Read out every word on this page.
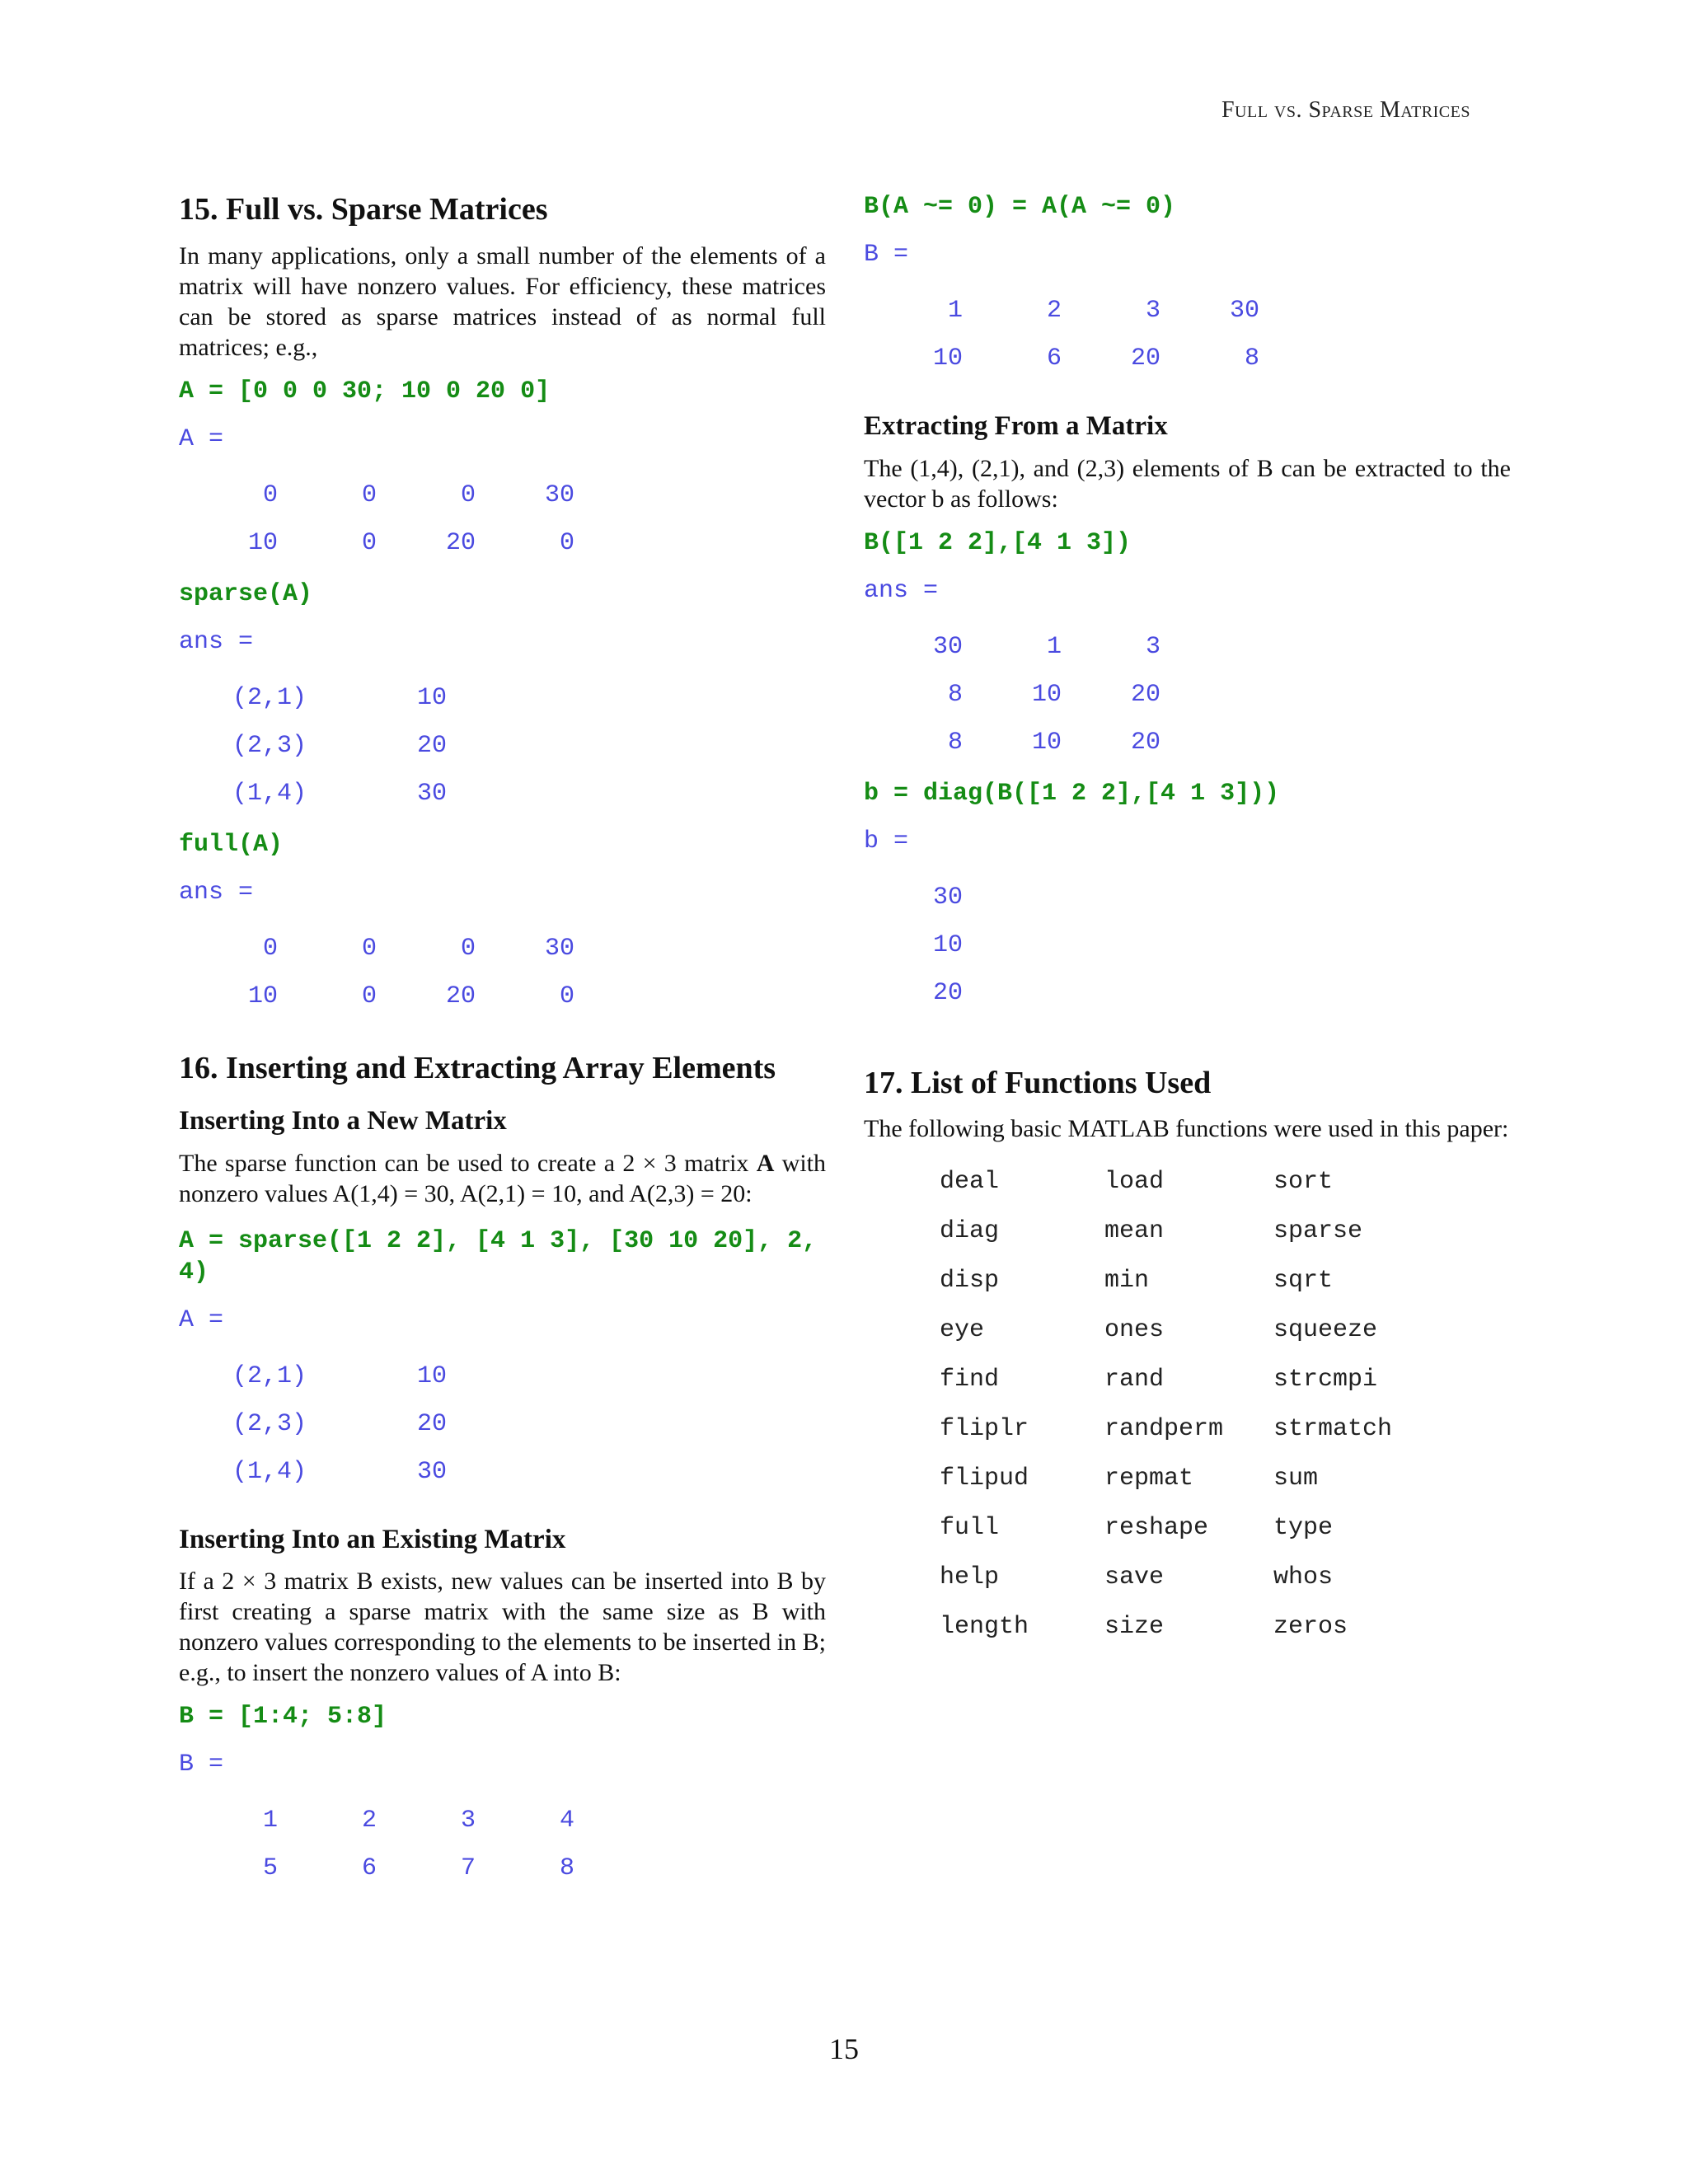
Full vs. Sparse Matrices
15. Full vs. Sparse Matrices

In many applications, only a small number of the elements of a matrix will have nonzero values. For efficiency, these matrices can be stored as sparse matrices instead of as normal full matrices; e.g.,

A = [0 0 0 30; 10 0 20 0]
A =
0	0	0	30
10	0	20	0
sparse(A)
ans =
(2,1)	10
(2,3)	20
(1,4)	30
full(A)
ans =
0	0	0	30
10	0	20	0
16. Inserting and Extracting Array Elements
Inserting Into a New Matrix

The sparse function can be used to create a 2 × 3 matrix A with nonzero values A(1,4) = 30, A(2,1) = 10, and A(2,3) = 20:

A = sparse([1 2 2], [4 1 3], [30 10 20], 2, 4)
A =
(2,1)	10
(2,3)	20
(1,4)	30
Inserting Into an Existing Matrix

If a 2 × 3 matrix B exists, new values can be inserted into B by first creating a sparse matrix with the same size as B with nonzero values corresponding to the elements to be inserted in B; e.g., to insert the nonzero values of A into B:

B = [1:4; 5:8]
B =
1	2	3	4
5	6	7	8
B(A ~= 0) = A(A ~= 0)
B =
1	2	3	30
10	6	20	8
Extracting From a Matrix

The (1,4), (2,1), and (2,3) elements of B can be extracted to the vector b as follows:

B([1 2 2],[4 1 3])
ans =
30	1	3
8	10	20
8	10	20
b = diag(B([1 2 2],[4 1 3]))
b =
30
10
20
17. List of Functions Used

The following basic MATLAB functions were used in this paper:

deal	load	sort
diag	mean	sparse
disp	min	sqrt
eye	ones	squeeze
find	rand	strcmpi
fliplr	randperm	strmatch
flipud	repmat	sum
full	reshape	type
help	save	whos
length	size	zeros
15
